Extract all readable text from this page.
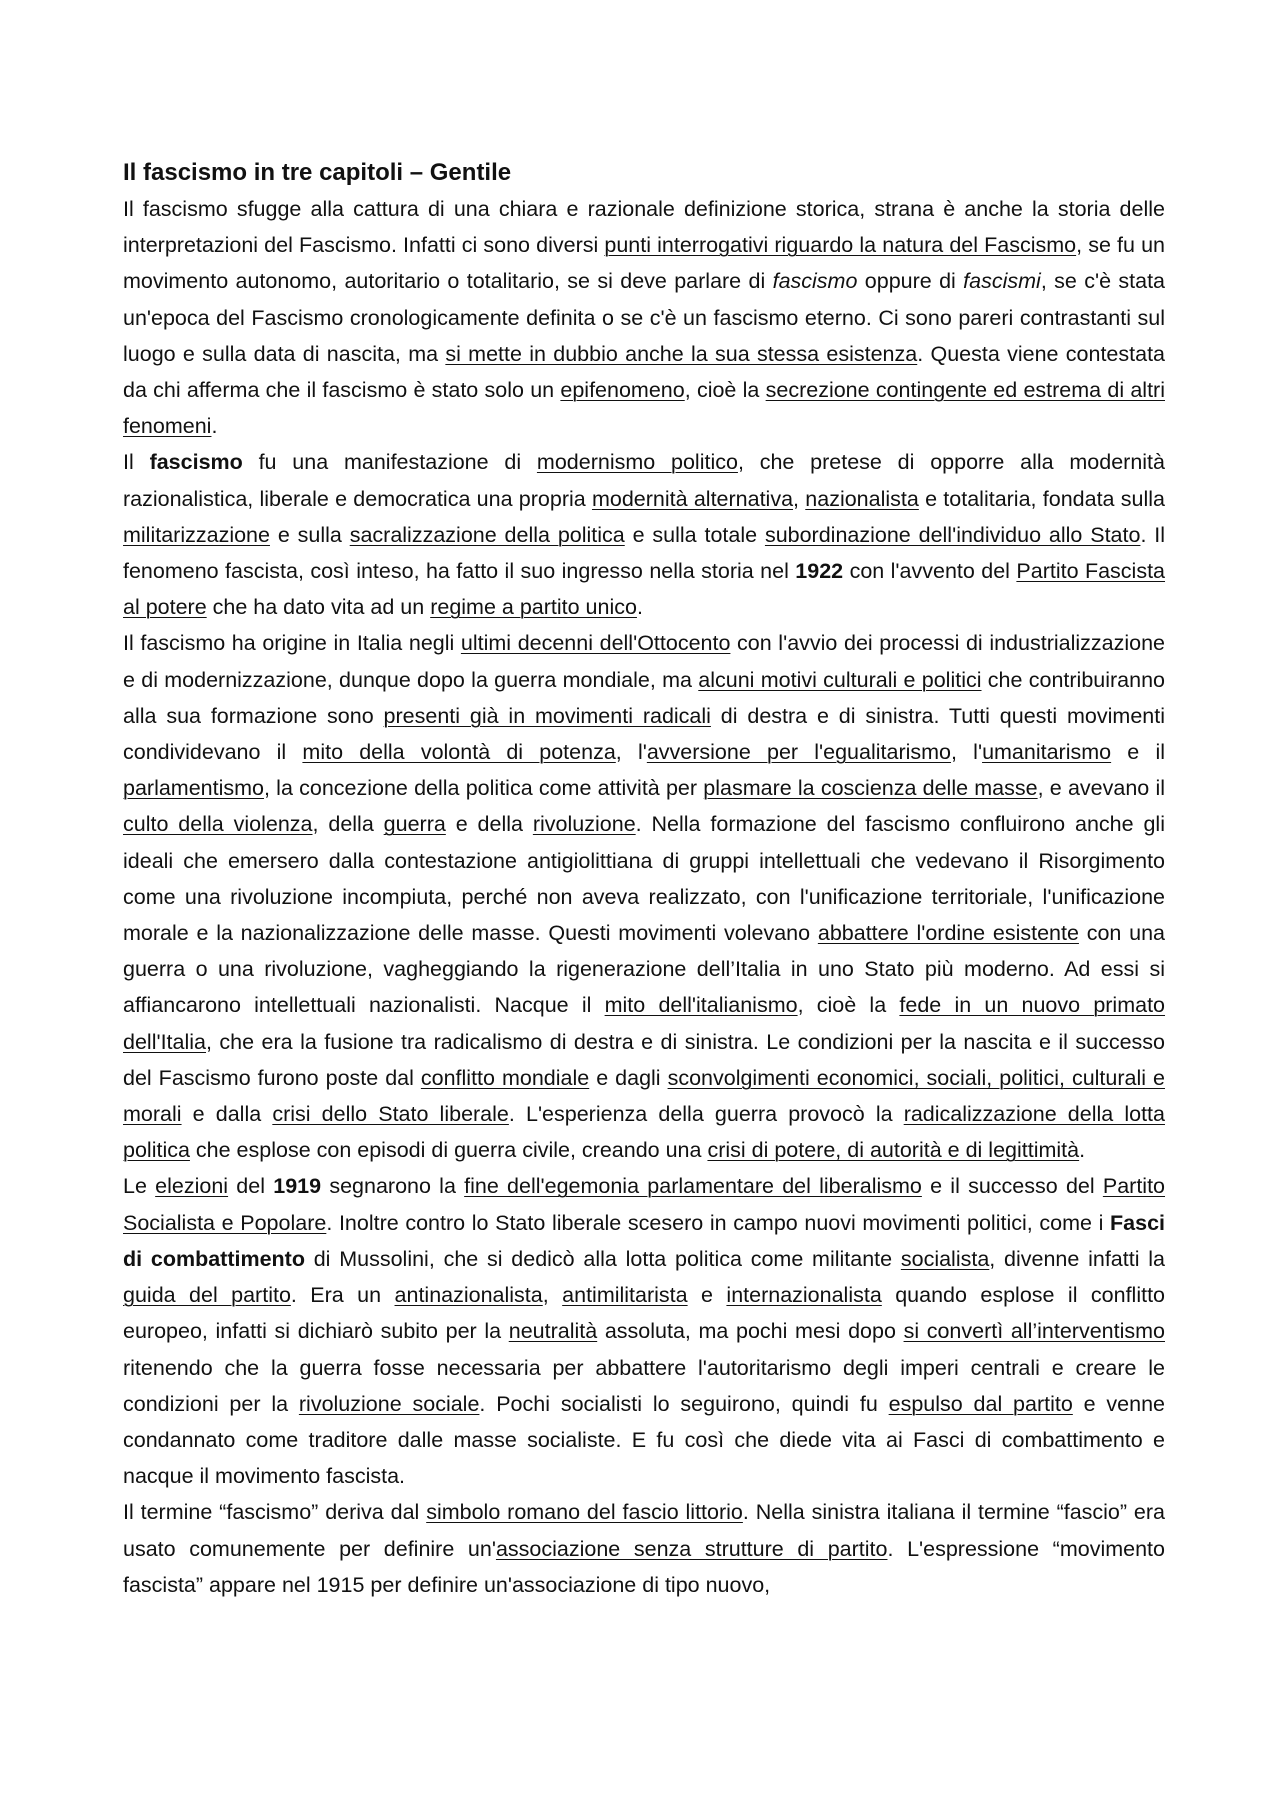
Il fascismo in tre capitoli – Gentile

Il fascismo sfugge alla cattura di una chiara e razionale definizione storica, strana è anche la storia delle interpretazioni del Fascismo. Infatti ci sono diversi punti interrogativi riguardo la natura del Fascismo, se fu un movimento autonomo, autoritario o totalitario, se si deve parlare di fascismo oppure di fascismi, se c'è stata un'epoca del Fascismo cronologicamente definita o se c'è un fascismo eterno. Ci sono pareri contrastanti sul luogo e sulla data di nascita, ma si mette in dubbio anche la sua stessa esistenza. Questa viene contestata da chi afferma che il fascismo è stato solo un epifenomeno, cioè la secrezione contingente ed estrema di altri fenomeni.

Il fascismo fu una manifestazione di modernismo politico, che pretese di opporre alla modernità razionalistica, liberale e democratica una propria modernità alternativa, nazionalista e totalitaria, fondata sulla militarizzazione e sulla sacralizzazione della politica e sulla totale subordinazione dell'individuo allo Stato. Il fenomeno fascista, così inteso, ha fatto il suo ingresso nella storia nel 1922 con l'avvento del Partito Fascista al potere che ha dato vita ad un regime a partito unico.

Il fascismo ha origine in Italia negli ultimi decenni dell'Ottocento con l'avvio dei processi di industrializzazione e di modernizzazione, dunque dopo la guerra mondiale, ma alcuni motivi culturali e politici che contribuiranno alla sua formazione sono presenti già in movimenti radicali di destra e di sinistra. Tutti questi movimenti condividevano il mito della volontà di potenza, l'avversione per l'egualitarismo, l'umanitarismo e il parlamentismo, la concezione della politica come attività per plasmare la coscienza delle masse, e avevano il culto della violenza, della guerra e della rivoluzione. Nella formazione del fascismo confluirono anche gli ideali che emersero dalla contestazione antigiolittiana di gruppi intellettuali che vedevano il Risorgimento come una rivoluzione incompiuta, perché non aveva realizzato, con l'unificazione territoriale, l'unificazione morale e la nazionalizzazione delle masse. Questi movimenti volevano abbattere l'ordine esistente con una guerra o una rivoluzione, vagheggiando la rigenerazione dell’Italia in uno Stato più moderno. Ad essi si affiancarono intellettuali nazionalisti. Nacque il mito dell'italianismo, cioè la fede in un nuovo primato dell'Italia, che era la fusione tra radicalismo di destra e di sinistra. Le condizioni per la nascita e il successo del Fascismo furono poste dal conflitto mondiale e dagli sconvolgimenti economici, sociali, politici, culturali e morali e dalla crisi dello Stato liberale. L'esperienza della guerra provocò la radicalizzazione della lotta politica che esplose con episodi di guerra civile, creando una crisi di potere, di autorità e di legittimità.

Le elezioni del 1919 segnarono la fine dell'egemonia parlamentare del liberalismo e il successo del Partito Socialista e Popolare. Inoltre contro lo Stato liberale scesero in campo nuovi movimenti politici, come i Fasci di combattimento di Mussolini, che si dedicò alla lotta politica come militante socialista, divenne infatti la guida del partito. Era un antinazionalista, antimilitarista e internazionalista quando esplose il conflitto europeo, infatti si dichiarò subito per la neutralità assoluta, ma pochi mesi dopo si convertì all’interventismo ritenendo che la guerra fosse necessaria per abbattere l'autoritarismo degli imperi centrali e creare le condizioni per la rivoluzione sociale. Pochi socialisti lo seguirono, quindi fu espulso dal partito e venne condannato come traditore dalle masse socialiste. E fu così che diede vita ai Fasci di combattimento e nacque il movimento fascista.

Il termine “fascismo” deriva dal simbolo romano del fascio littorio. Nella sinistra italiana il termine “fascio” era usato comunemente per definire un'associazione senza strutture di partito. L'espressione “movimento fascista” appare nel 1915 per definire un'associazione di tipo nuovo,
